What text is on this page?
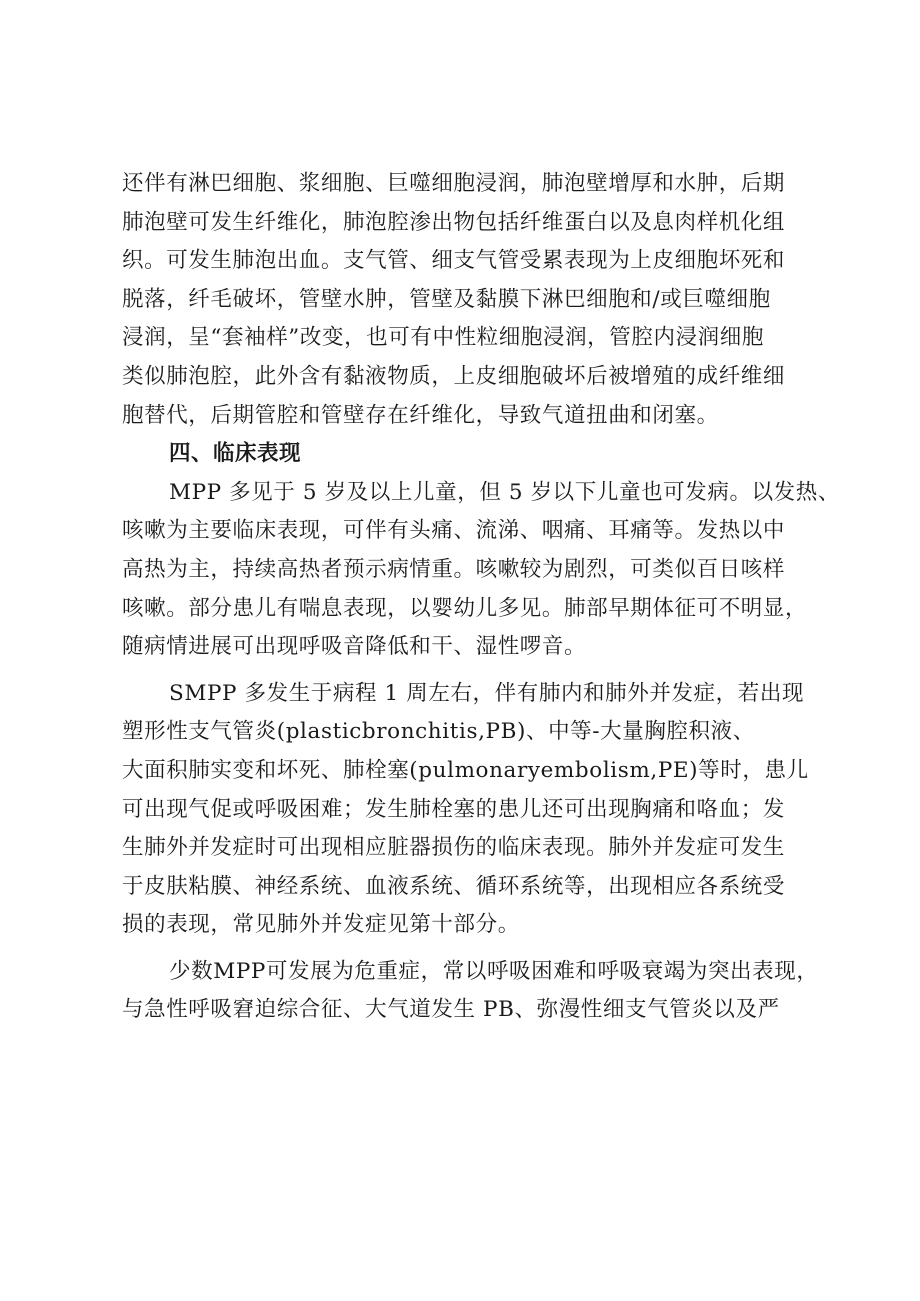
还伴有淋巴细胞、浆细胞、巨噬细胞浸润，肺泡壁增厚和水肿，后期
肺泡壁可发生纤维化，肺泡腔渗出物包括纤维蛋白以及息肉样机化组
织。可发生肺泡出血。支气管、细支气管受累表现为上皮细胞坏死和
脱落，纤毛破坏，管壁水肿，管壁及黏膜下淋巴细胞和/或巨噬细胞
浸润，呈“套袖样”改变，也可有中性粒细胞浸润，管腔内浸润细胞
类似肺泡腔，此外含有黏液物质，上皮细胞破坏后被增殖的成纤维细
胞替代，后期管腔和管壁存在纤维化，导致气道扭曲和闭塞。
四、临床表现
MPP 多见于 5 岁及以上儿童，但 5 岁以下儿童也可发病。以发热、
咳嗽为主要临床表现，可伴有头痛、流涕、咽痛、耳痛等。发热以中
高热为主，持续高热者预示病情重。咳嗽较为剧烈，可类似百日咳样
咳嗽。部分患儿有喘息表现，以婴幼儿多见。肺部早期体征可不明显，
随病情进展可出现呼吸音降低和干、湿性啰音。
SMPP 多发生于病程 1 周左右，伴有肺内和肺外并发症，若出现
塑形性支气管炎(plasticbronchitis,PB)、中等-大量胸腔积液、
大面积肺实变和坏死、肺栓塞(pulmonaryembolism,PE)等时，患儿
可出现气促或呼吸困难；发生肺栓塞的患儿还可出现胸痛和咯血；发
生肺外并发症时可出现相应脏器损伤的临床表现。肺外并发症可发生
于皮肤粘膜、神经系统、血液系统、循环系统等，出现相应各系统受
损的表现，常见肺外并发症见第十部分。
少数MPP可发展为危重症，常以呼吸困难和呼吸衰竭为突出表现，
与急性呼吸窘迫综合征、大气道发生 PB、弥漫性细支气管炎以及严
